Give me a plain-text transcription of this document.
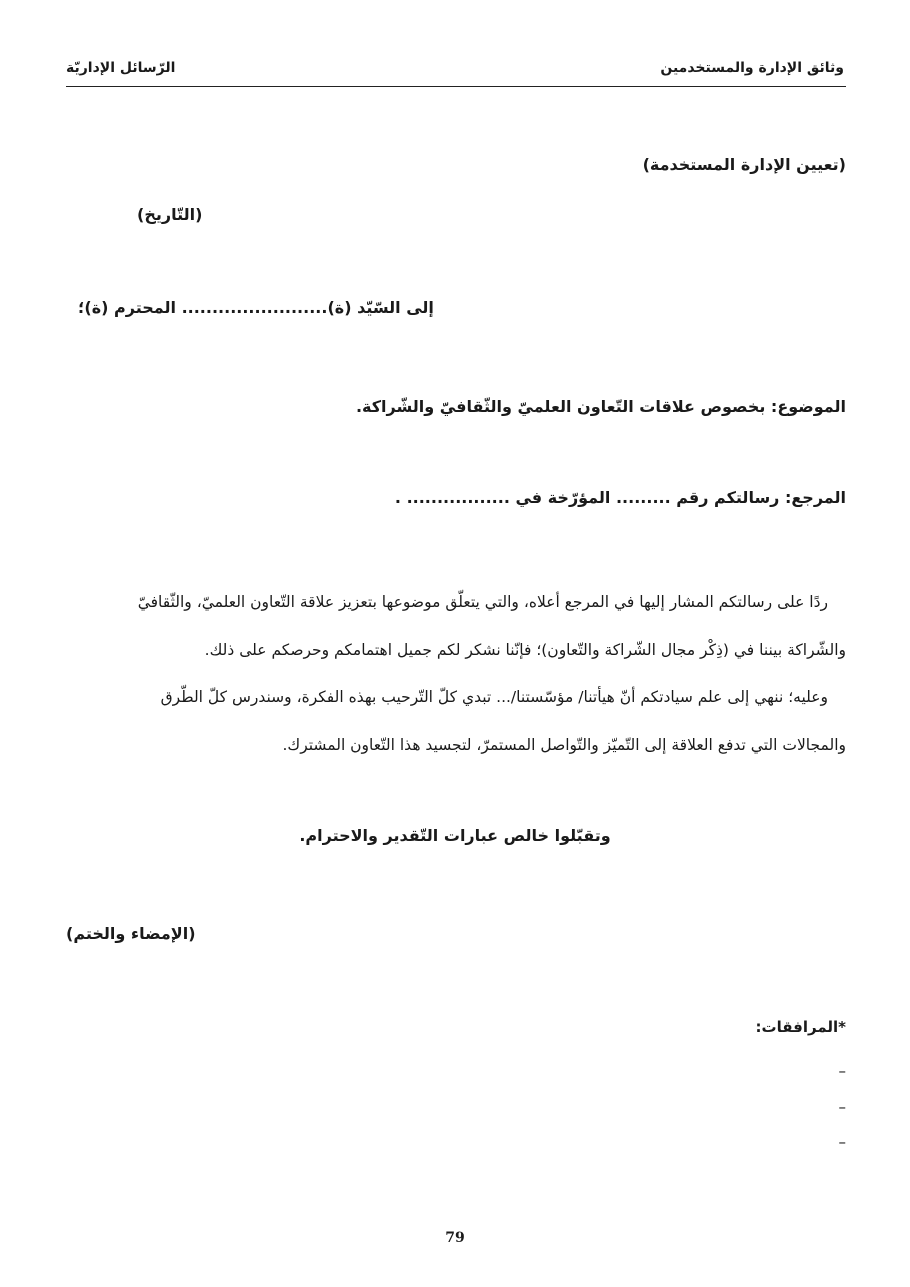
وثائق الإدارة والمستخدمين
الرّسائل الإداريّة
(تعيين الإدارة المستخدمة)
(التّاريخ)
إلى السّيّد (ة)........................ المحترم (ة)؛
الموضوع: بخصوص علاقات التّعاون العلميّ والثّقافيّ والشّراكة.
المرجع: رسالتكم رقم ......... المؤرّخة في ................. .
ردًا على رسالتكم المشار إليها في المرجع أعلاه، والتي يتعلّق موضوعها بتعزيز علاقة التّعاون العلميّ، والثّقافيّ
والشّراكة بيننا في (ذِكْر مجال الشّراكة والتّعاون)؛ فإنّنا نشكر لكم جميل اهتمامكم وحرصكم على ذلك.
وعليه؛ ننهي إلى علم سيادتكم أنّ هيأتنا/ مؤسّستنا/... تبدي كلّ التّرحيب بهذه الفكرة، وسندرس كلّ الطّرق
والمجالات التي تدفع العلاقة إلى التّميّز والتّواصل المستمرّ، لتجسيد هذا التّعاون المشترك.
وتقبّلوا خالص عبارات التّقدير والاحترام.
(الإمضاء والختم)
*المرافقات:
–
–
–
79
